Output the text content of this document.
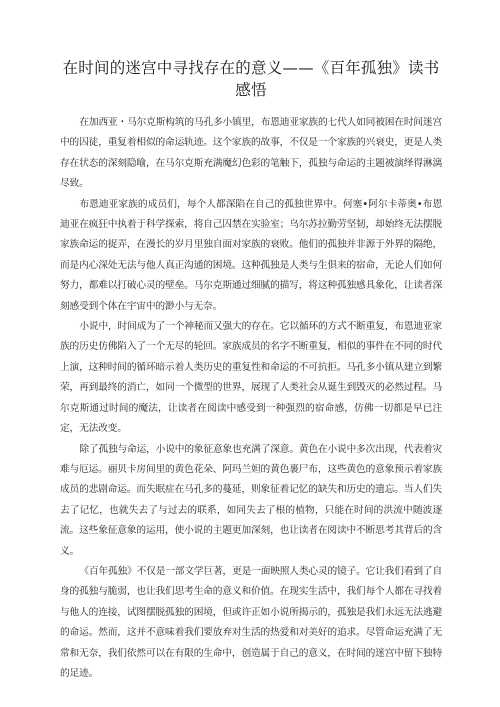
在时间的迷宫中寻找存在的意义——《百年孤独》读书感悟

在加西亚・马尔克斯构筑的马孔多小镇里，布恩迪亚家族的七代人如同被困在时间迷宫中的囚徒，重复着相似的命运轨迹。这个家族的故事，不仅是一个家族的兴衰史，更是人类存在状态的深刻隐喻，在马尔克斯充满魔幻色彩的笔触下，孤独与命运的主题被演绎得淋漓尽致。

布恩迪亚家族的成员们，每个人都深陷在自己的孤独世界中。何塞•阿尔卡蒂奥•布恩迪亚在疯狂中执着于科学探索，将自己囚禁在实验室；乌尔苏拉勤劳坚韧，却始终无法摆脱家族命运的捉弄，在漫长的岁月里独自面对家族的衰败。他们的孤独并非源于外界的隔绝，而是内心深处无法与他人真正沟通的困境。这种孤独是人类与生俱来的宿命，无论人们如何努力，都难以打破心灵的壁垒。马尔克斯通过细腻的描写，将这种孤独感具象化，让读者深刻感受到个体在宇宙中的渺小与无奈。

小说中，时间成为了一个神秘而又强大的存在。它以循环的方式不断重复，布恩迪亚家族的历史仿佛陷入了一个无尽的轮回。家族成员的名字不断重复，相似的事件在不同的时代上演，这种时间的循环暗示着人类历史的重复性和命运的不可抗拒。马孔多小镇从建立到繁荣，再到最终的消亡，如同一个微型的世界，展现了人类社会从诞生到毁灭的必然过程。马尔克斯通过时间的魔法，让读者在阅读中感受到一种强烈的宿命感，仿佛一切都是早已注定，无法改变。

除了孤独与命运，小说中的象征意象也充满了深意。黄色在小说中多次出现，代表着灾难与厄运。丽贝卡房间里的黄色花朵、阿玛兰妲的黄色裹尸布，这些黄色的意象预示着家族成员的悲剧命运。而失眠症在马孔多的蔓延，则象征着记忆的缺失和历史的遗忘。当人们失去了记忆，也就失去了与过去的联系，如同失去了根的植物，只能在时间的洪流中随波逐流。这些象征意象的运用，使小说的主题更加深刻，也让读者在阅读中不断思考其背后的含义。

《百年孤独》不仅是一部文学巨著，更是一面映照人类心灵的镜子。它让我们看到了自身的孤独与脆弱，也让我们思考生命的意义和价值。在现实生活中，我们每个人都在寻找着与他人的连接，试图摆脱孤独的困境，但或许正如小说所揭示的，孤独是我们永远无法逃避的命运。然而，这并不意味着我们要放弃对生活的热爱和对美好的追求。尽管命运充满了无常和无奈，我们依然可以在有限的生命中，创造属于自己的意义，在时间的迷宫中留下独特的足迹。
